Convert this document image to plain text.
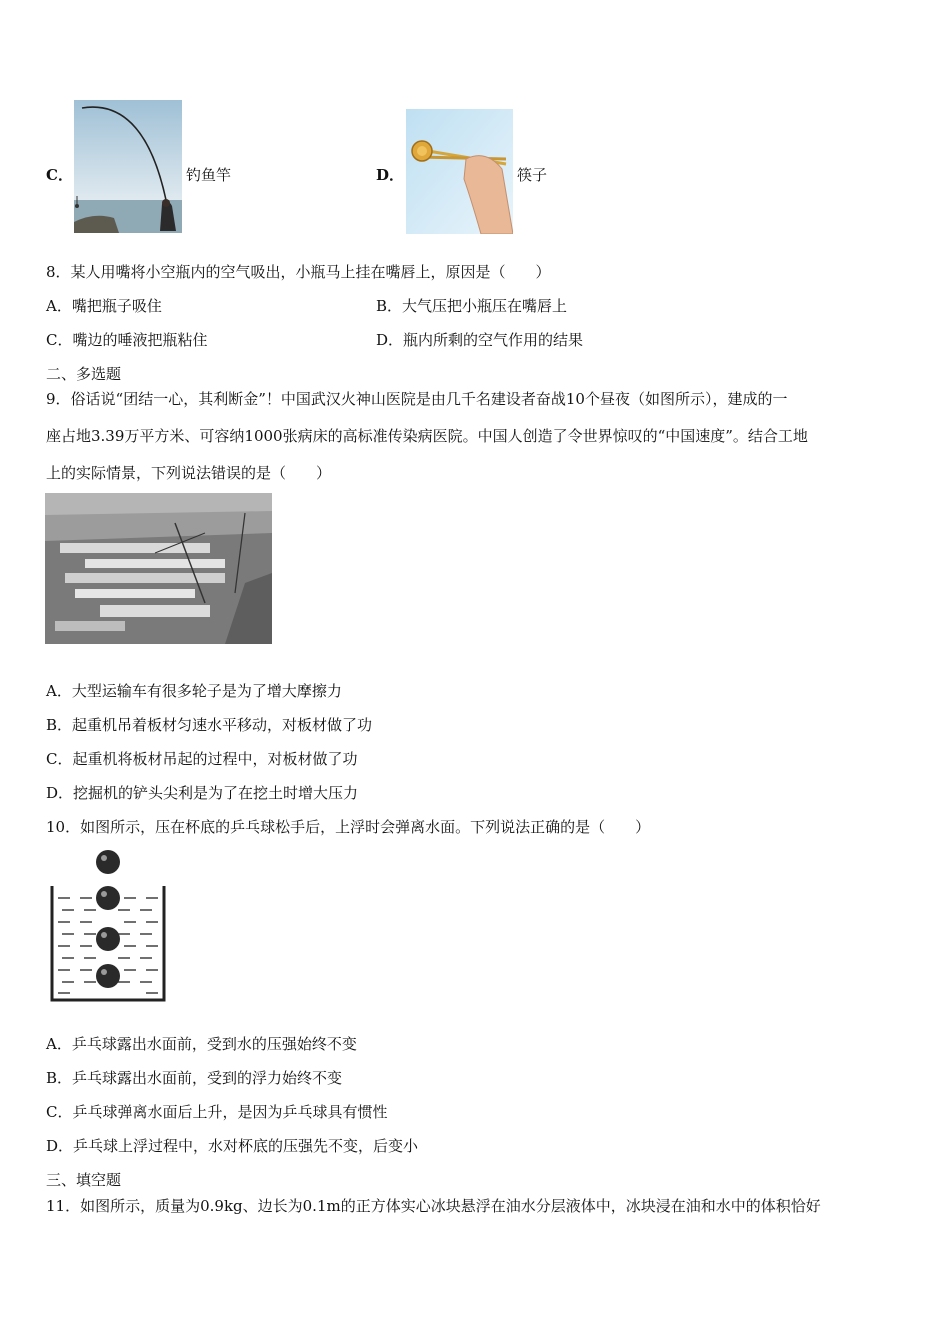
C．	钓鱼竿	D．	筷子
8．某人用嘴将小空瓶内的空气吸出，小瓶马上挂在嘴唇上，原因是（　　）
A．嘴把瓶子吸住	B．大气压把小瓶压在嘴唇上
C．嘴边的唾液把瓶粘住	D．瓶内所剩的空气作用的结果
二、多选题
9．俗话说“团结一心，其利断金”！中国武汉火神山医院是由几千名建设者奋战10个昼夜（如图所示），建成的一
座占地3.39万平方米、可容纳1000张病床的高标准传染病医院。中国人创造了令世界惊叹的“中国速度”。结合工地
上的实际情景，下列说法错误的是（　　）
A．大型运输车有很多轮子是为了增大摩擦力
B．起重机吊着板材匀速水平移动，对板材做了功
C．起重机将板材吊起的过程中，对板材做了功
D．挖掘机的铲头尖利是为了在挖土时增大压力
10．如图所示，压在杯底的乒乓球松手后，上浮时会弹离水面。下列说法正确的是（　　）
A．乒乓球露出水面前，受到水的压强始终不变
B．乒乓球露出水面前，受到的浮力始终不变
C．乒乓球弹离水面后上升，是因为乒乓球具有惯性
D．乒乓球上浮过程中，水对杯底的压强先不变，后变小
三、填空题
11．如图所示，质量为0.9kg、边长为0.1m的正方体实心冰块悬浮在油水分层液体中，冰块浸在油和水中的体积恰好
